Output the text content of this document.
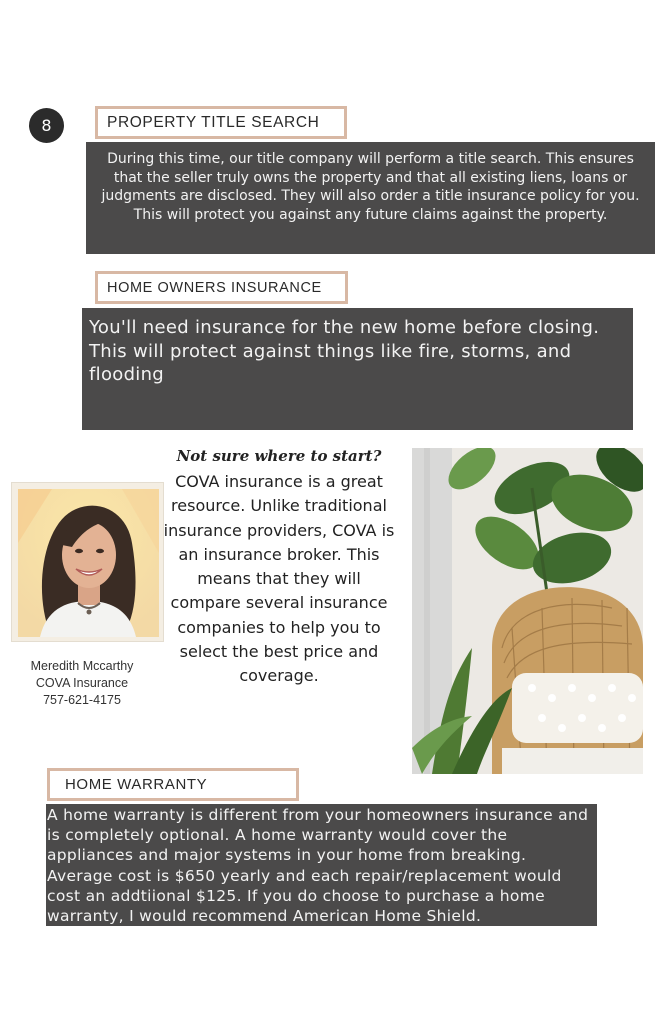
8	PROPERTY TITLE SEARCH
During this time, our title company will perform a title search. This ensures that the seller truly owns the property and that all existing liens, loans or judgments are disclosed. They will also order a title insurance policy for you. This will protect you against any future claims against the property.
HOME OWNERS INSURANCE
You'll need insurance for the new home before closing. This will protect against things like fire, storms, and flooding
Meredith Mccarthy
COVA Insurance
757-621-4175
Not sure where to start?
COVA insurance is a great resource. Unlike traditional insurance providers, COVA is an insurance broker. This means that they will compare several insurance companies to help you to select the best price and coverage.
HOME WARRANTY
A home warranty is different from your homeowners insurance and is completely optional. A home warranty would cover the appliances and major systems in your home from breaking. Average cost is $650 yearly and each repair/replacement would cost an addtiional $125. If you do choose to purchase a home warranty, I would recommend American Home Shield.
